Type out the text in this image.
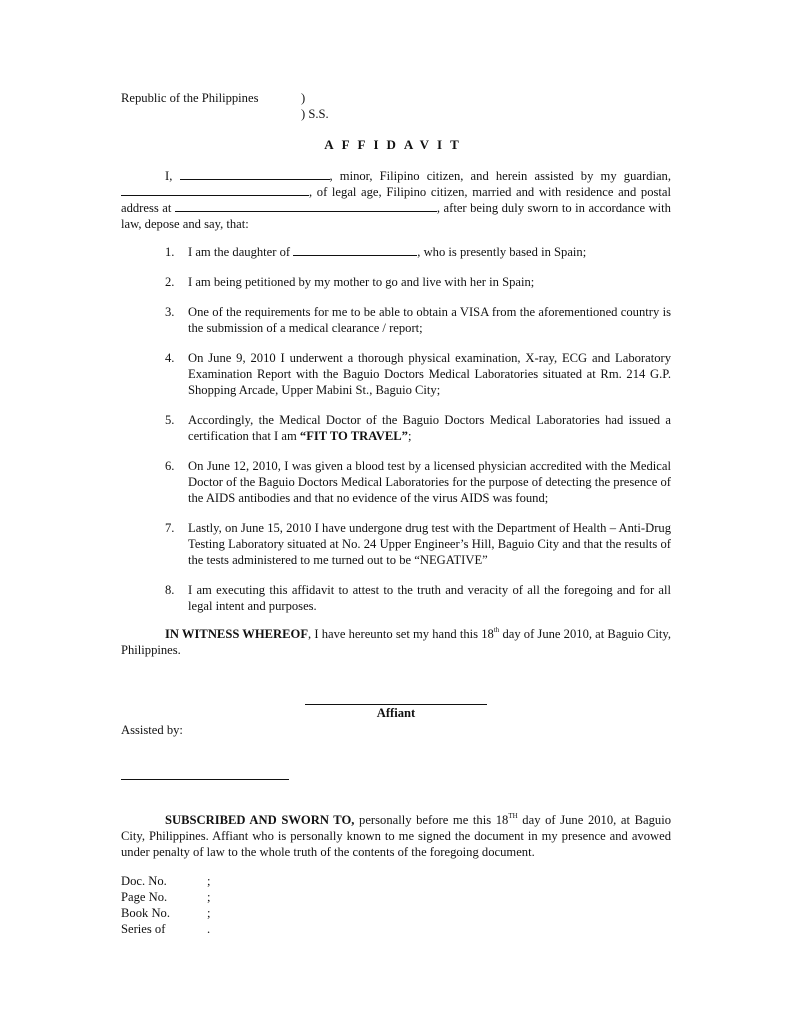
Republic of the Philippines	)
) S.S.
AFFIDAVIT
I,	, minor, Filipino citizen, and herein assisted by my guardian, , of legal age, Filipino citizen, married and with residence and postal address at	, after being duly sworn to in accordance with law, depose and say, that:
1. I am the daughter of	, who is presently based in Spain;
2. I am being petitioned by my mother to go and live with her in Spain;
3. One of the requirements for me to be able to obtain a VISA from the aforementioned country is the submission of a medical clearance / report;
4. On June 9, 2010 I underwent a thorough physical examination, X-ray, ECG and Laboratory Examination Report with the Baguio Doctors Medical Laboratories situated at Rm. 214 G.P. Shopping Arcade, Upper Mabini St., Baguio City;
5. Accordingly, the Medical Doctor of the Baguio Doctors Medical Laboratories had issued a certification that I am “FIT TO TRAVEL”;
6. On June 12, 2010, I was given a blood test by a licensed physician accredited with the Medical Doctor of the Baguio Doctors Medical Laboratories for the purpose of detecting the presence of the AIDS antibodies and that no evidence of the virus AIDS was found;
7. Lastly, on June 15, 2010 I have undergone drug test with the Department of Health – Anti-Drug Testing Laboratory situated at No. 24 Upper Engineer’s Hill, Baguio City and that the results of the tests administered to me turned out to be “NEGATIVE”
8. I am executing this affidavit to attest to the truth and veracity of all the foregoing and for all legal intent and purposes.
IN WITNESS WHEREOF, I have hereunto set my hand this 18th day of June 2010, at Baguio City, Philippines.
Affiant
Assisted by:
SUBSCRIBED AND SWORN TO, personally before me this 18TH day of June 2010, at Baguio City, Philippines. Affiant who is personally known to me signed the document in my presence and avowed under penalty of law to the whole truth of the contents of the foregoing document.
Doc. No.	;
Page No.	;
Book No.	;
Series of	.
